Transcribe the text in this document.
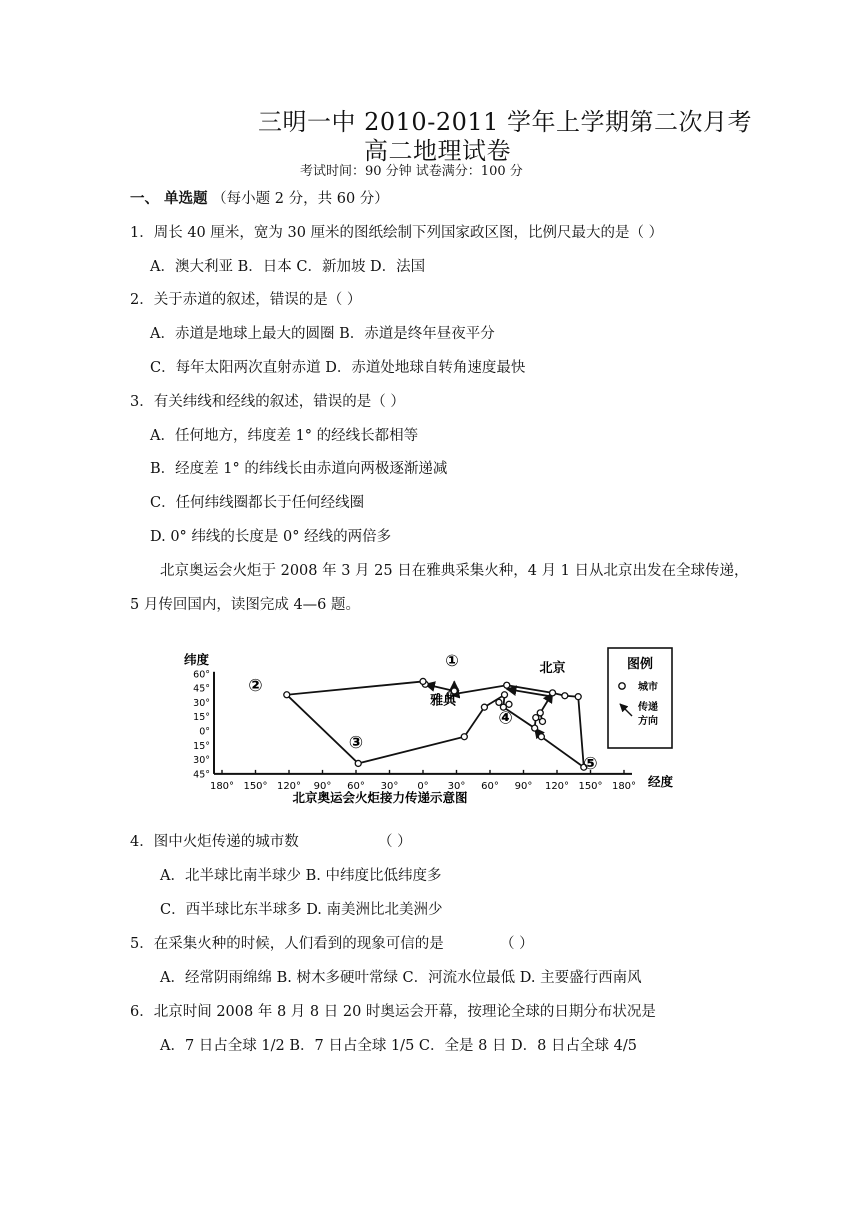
三明一中 2010-2011 学年上学期第二次月考
高二地理试卷
考试时间：90 分钟 试卷满分：100 分
一、 单选题 （每小题 2 分，共 60 分）
1．周长 40 厘米，宽为 30 厘米的图纸绘制下列国家政区图，比例尺最大的是（ ）
A．澳大利亚 B．日本 C．新加坡 D．法国
2．关于赤道的叙述，错误的是（ ）
A．赤道是地球上最大的圆圈 B．赤道是终年昼夜平分
C．每年太阳两次直射赤道 D．赤道处地球自转角速度最快
3．有关纬线和经线的叙述，错误的是（ ）
A．任何地方，纬度差 1° 的经线长都相等
B．经度差 1° 的纬线长由赤道向两极逐渐递减
C．任何纬线圈都长于任何经线圈
D. 0° 纬线的长度是 0° 经线的两倍多
北京奥运会火炬于 2008 年 3 月 25 日在雅典采集火种，4 月 1 日从北京出发在全球传递，
5 月传回国内，读图完成 4—6 题。
180° 150° 120° 90° 60° 30° 0° 30° 60° 90° 120° 150° 180°
60°
45°
30°
15°
0°
15°
30°
45°
纬度
经度
①
②
③
④
⑤
雅典
北京	图例
城市
传递
方向
北京奥运会火炬接力传递示意图
4．图中火炬传递的城市数	（ ）
A．北半球比南半球少 B. 中纬度比低纬度多
C．西半球比东半球多 D. 南美洲比北美洲少
5．在采集火种的时候，人们看到的现象可信的是	（ ）
A．经常阴雨绵绵 B. 树木多硬叶常绿 C．河流水位最低 D. 主要盛行西南风
6．北京时间 2008 年 8 月 8 日 20 时奥运会开幕，按理论全球的日期分布状况是
A．7 日占全球 1/2 B．7 日占全球 1/5 C．全是 8 日 D．8 日占全球 4/5
